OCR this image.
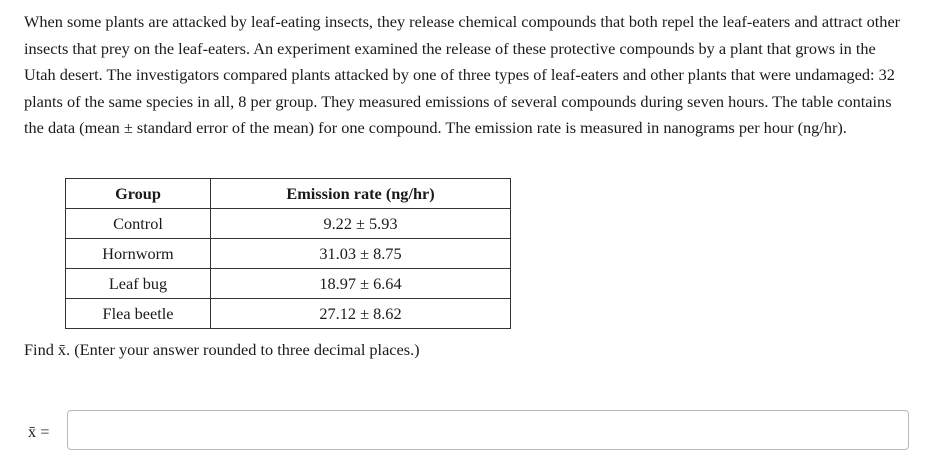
When some plants are attacked by leaf-eating insects, they release chemical compounds that both repel the leaf-eaters and attract other insects that prey on the leaf-eaters. An experiment examined the release of these protective compounds by a plant that grows in the Utah desert. The investigators compared plants attacked by one of three types of leaf-eaters and other plants that were undamaged: 32 plants of the same species in all, 8 per group. They measured emissions of several compounds during seven hours. The table contains the data (mean ± standard error of the mean) for one compound. The emission rate is measured in nanograms per hour (ng/hr).
Group	Emission rate (ng/hr)
Control	9.22 ± 5.93
Hornworm	31.03 ± 8.75
Leaf bug	18.97 ± 6.64
Flea beetle	27.12 ± 8.62
Find x̄. (Enter your answer rounded to three decimal places.)
x̄ =
